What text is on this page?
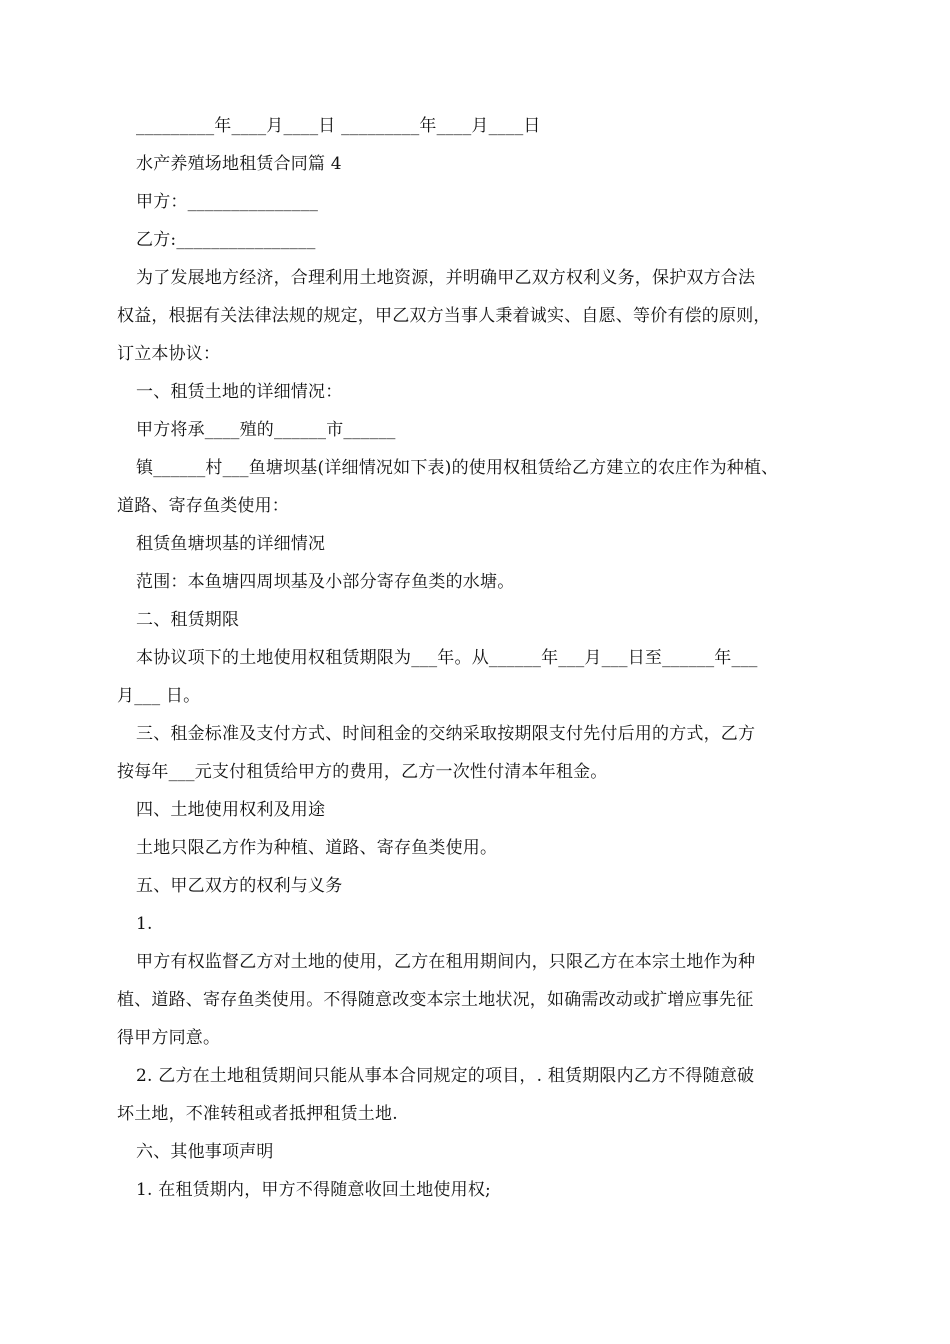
_________年____月____日 _________年____月____日
水产养殖场地租赁合同篇 4
甲方：_______________
乙方:________________
为了发展地方经济，合理利用土地资源，并明确甲乙双方权利义务，保护双方合法
权益，根据有关法律法规的规定，甲乙双方当事人秉着诚实、自愿、等价有偿的原则，
订立本协议：
一、租赁土地的详细情况：
甲方将承____殖的______市______
镇______村___鱼塘坝基(详细情况如下表)的使用权租赁给乙方建立的农庄作为种植、
道路、寄存鱼类使用：
租赁鱼塘坝基的详细情况
范围：本鱼塘四周坝基及小部分寄存鱼类的水塘。
二、租赁期限
本协议项下的土地使用权租赁期限为___年。从______年___月___日至______年___
月___ 日。
三、租金标准及支付方式、时间租金的交纳采取按期限支付先付后用的方式，乙方
按每年___元支付租赁给甲方的费用，乙方一次性付清本年租金。
四、土地使用权利及用途
土地只限乙方作为种植、道路、寄存鱼类使用。
五、甲乙双方的权利与义务
1.
甲方有权监督乙方对土地的使用，乙方在租用期间内，只限乙方在本宗土地作为种
植、道路、寄存鱼类使用。不得随意改变本宗土地状况，如确需改动或扩增应事先征
得甲方同意。
2. 乙方在土地租赁期间只能从事本合同规定的项目，. 租赁期限内乙方不得随意破
坏土地，不准转租或者抵押租赁土地.
六、其他事项声明
1. 在租赁期内，甲方不得随意收回土地使用权;
